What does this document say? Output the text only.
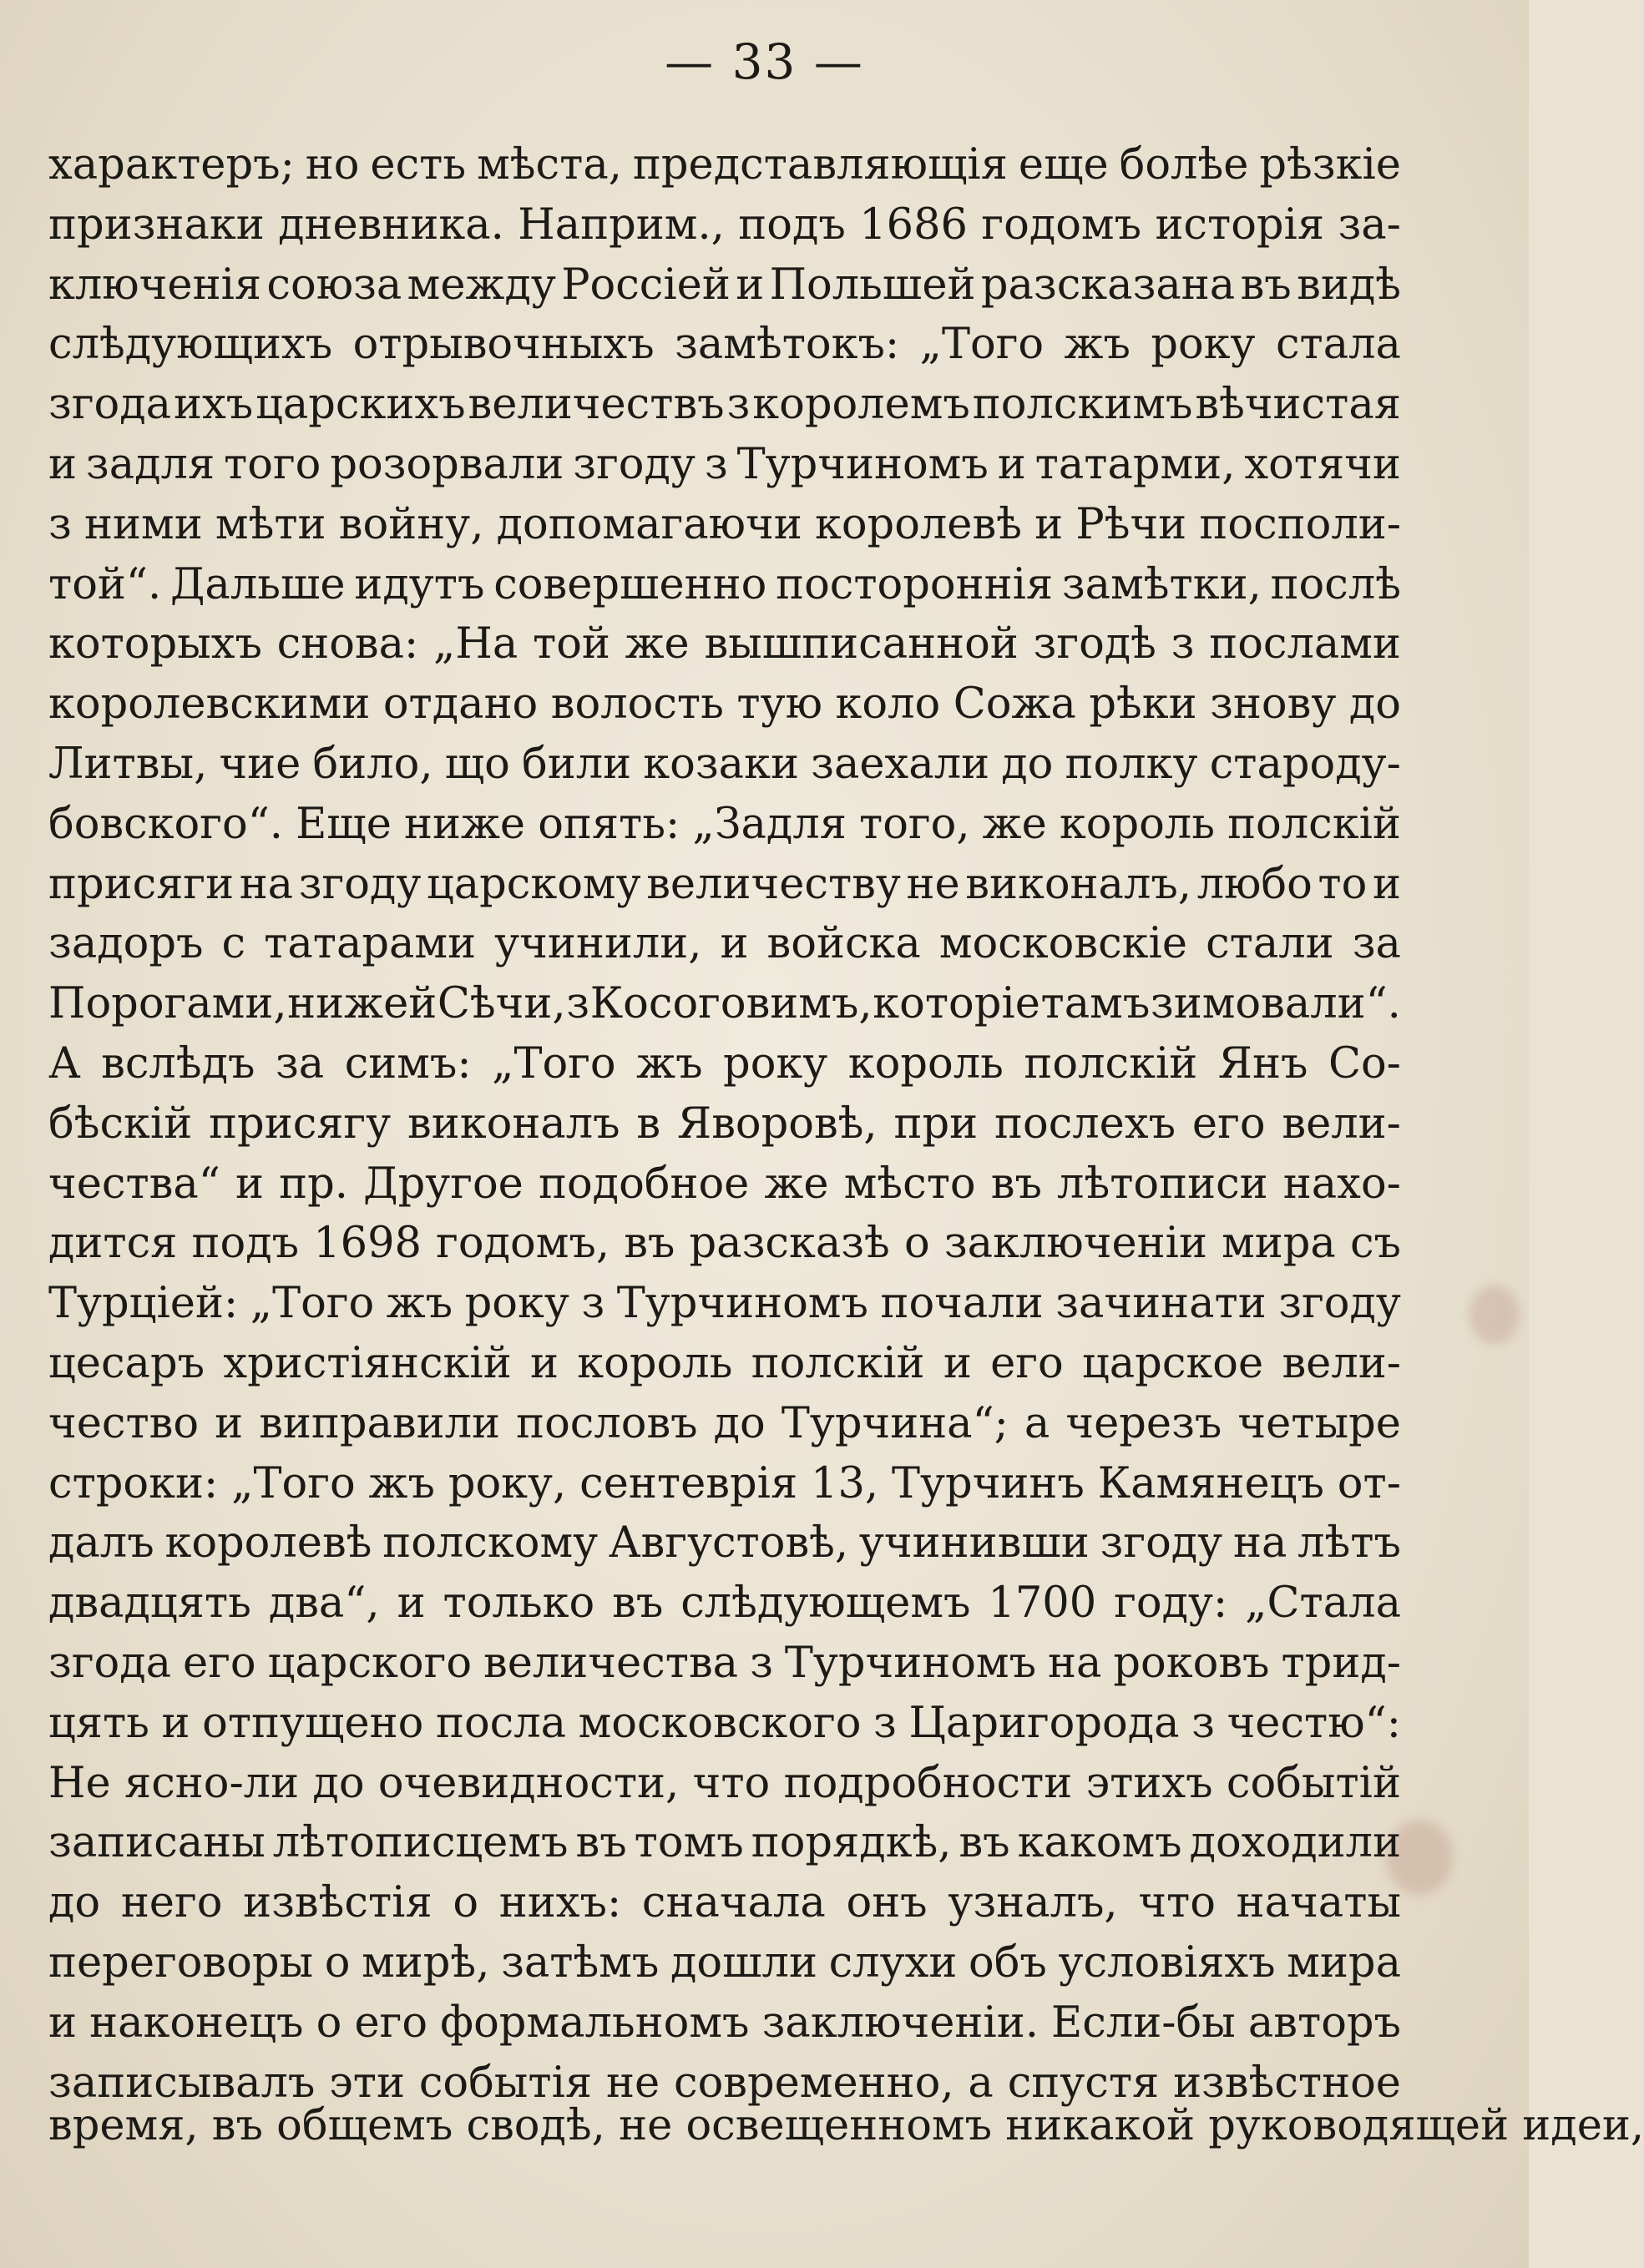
— 33 —
характеръ; но есть мѣста, представляющія еще болѣе рѣзкіе
признаки дневника. Наприм., подъ 1686 годомъ исторія за-
ключенія союза между Россіей и Польшей разсказана въ видѣ
слѣдующихъ отрывочныхъ замѣтокъ: „Того жъ року стала
згода ихъ царскихъ величествъ з королемъ полскимъ вѣчистая
и задля того розорвали згоду з Турчиномъ и татарми, хотячи
з ними мѣти войну, допомагаючи королевѣ и Рѣчи посполи-
той“. Дальше идутъ совершенно постороннія замѣтки, послѣ
которыхъ снова: „На той же вышписанной згодѣ з послами
королевскими отдано волость тую коло Сожа рѣки знову до
Литвы, чие било, що били козаки заехали до полку староду-
бовского“. Еще ниже опять: „Задля того, же король полскій
присяги на згоду царскому величеству не виконалъ, любо то и
задоръ с татарами учинили, и войска московскіе стали за
Порогами, нижей Сѣчи, з Косоговимъ, которіе тамъ зимовали“.
А вслѣдъ за симъ: „Того жъ року король полскій Янъ Со-
бѣскій присягу виконалъ в Яворовѣ, при послехъ его вели-
чества“ и пр. Другое подобное же мѣсто въ лѣтописи нахо-
дится подъ 1698 годомъ, въ разсказѣ о заключеніи мира съ
Турціей: „Того жъ року з Турчиномъ почали зачинати згоду
цесаръ христіянскій и король полскій и его царское вели-
чество и виправили пословъ до Турчина“; а черезъ четыре
строки: „Того жъ року, сентеврія 13, Турчинъ Камянецъ от-
далъ королевѣ полскому Августовѣ, учинивши згоду на лѣтъ
двадцять два“, и только въ слѣдующемъ 1700 году: „Стала
згода его царского величества з Турчиномъ на роковъ трид-
цять и отпущено посла московского з Царигорода з честю“:
Не ясно-ли до очевидности, что подробности этихъ событій
записаны лѣтописцемъ въ томъ порядкѣ, въ какомъ доходили
до него извѣстія о нихъ: сначала онъ узналъ, что начаты
переговоры о мирѣ, затѣмъ дошли слухи объ условіяхъ мира
и наконецъ о его формальномъ заключеніи. Если-бы авторъ
записывалъ эти событія не современно, а спустя извѣстное
время, въ общемъ сводѣ, не освещенномъ никакой руководящей идеи,
